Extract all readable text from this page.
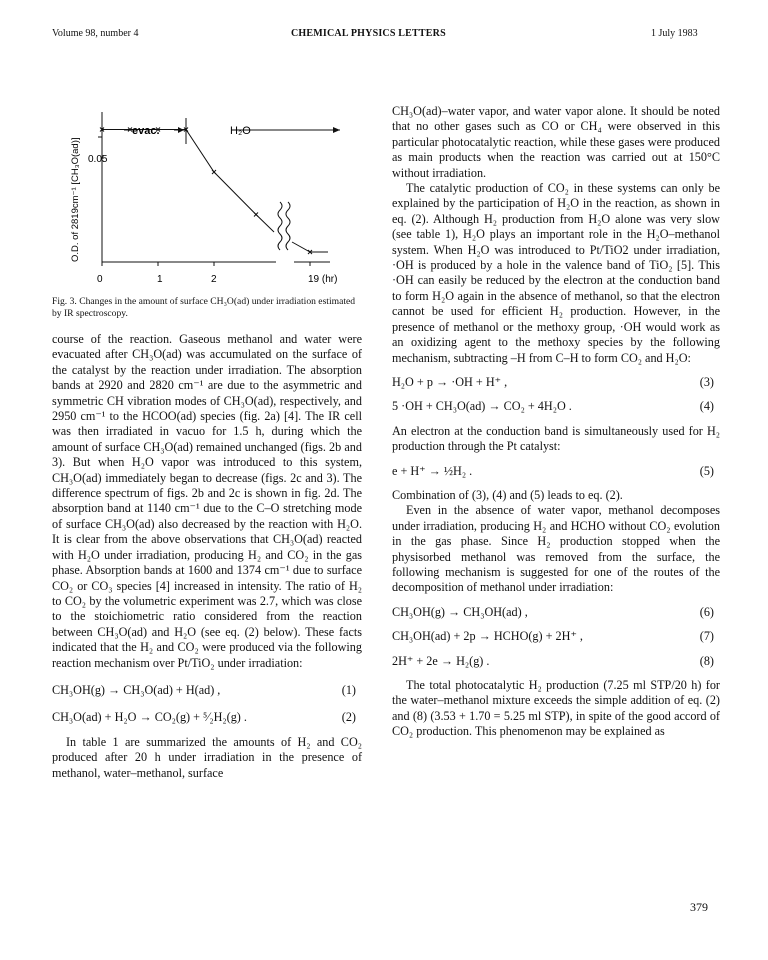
Volume 98, number 4	CHEMICAL PHYSICS LETTERS	1 July 1983
O.D. of 2819cm⁻¹ [CH₃O(ad)] 0.05
evac.	H₂O
0	1	2	19 (hr)
Fig. 3. Changes in the amount of surface CH₃O(ad) under irradiation estimated by IR spectroscopy.

course of the reaction. Gaseous methanol and water were evacuated after CH₃O(ad) was accumulated on the surface of the catalyst by the reaction under irradiation. The absorption bands at 2920 and 2820 cm⁻¹ are due to the asymmetric and symmetric CH vibration modes of CH₃O(ad), respectively, and 2950 cm⁻¹ to the HCOO(ad) species (fig. 2a) [4]. The IR cell was then irradiated in vacuo for 1.5 h, during which the amount of surface CH₃O(ad) remained unchanged (figs. 2b and 3). But when H₂O vapor was introduced to this system, CH₃O(ad) immediately began to decrease (figs. 2c and 3). The difference spectrum of figs. 2b and 2c is shown in fig. 2d. The absorption band at 1140 cm⁻¹ due to the C–O stretching mode of surface CH₃O(ad) also decreased by the reaction with H₂O. It is clear from the above observations that CH₃O(ad) reacted with H₂O under irradiation, producing H₂ and CO₂ in the gas phase. Absorption bands at 1600 and 1374 cm⁻¹ due to surface CO₂ or CO₃ species [4] increased in intensity. The ratio of H₂ to CO₂ by the volumetric experiment was 2.7, which was close to the stoichiometric ratio considered from the reaction between CH₃O(ad) and H₂O (see eq. (2) below). These facts indicated that the H₂ and CO₂ were produced via the following reaction mechanism over Pt/TiO₂ under irradiation:

CH₃OH(g) → CH₃O(ad) + H(ad) ,	(1)
CH₃O(ad) + H₂O → CO₂(g) + ⁵⁄₂H₂(g) .	(2)

In table 1 are summarized the amounts of H₂ and CO₂ produced after 20 h under irradiation in the presence of methanol, water–methanol, surface

CH₃O(ad)–water vapor, and water vapor alone. It should be noted that no other gases such as CO or CH₄ were observed in this particular photocatalytic reaction, while these gases were produced as main products when the reaction was carried out at 150°C without irradiation.

The catalytic production of CO₂ in these systems can only be explained by the participation of H₂O in the reaction, as shown in eq. (2). Although H₂ production from H₂O alone was very slow (see table 1), H₂O plays an important role in the H₂O–methanol system. When H₂O was introduced to Pt/TiO2 under irradiation, ·OH is produced by a hole in the valence band of TiO₂ [5]. This ·OH can easily be reduced by the electron at the conduction band to form H₂O again in the absence of methanol, so that the electron cannot be used for efficient H₂ production. However, in the presence of methanol or the methoxy group, ·OH would work as an oxidizing agent to the methoxy species by the following mechanism, subtracting –H from C–H to form CO₂ and H₂O:

H₂O + p → ·OH + H⁺ ,	(3)
5 ·OH + CH₃O(ad) → CO₂ + 4H₂O .	(4)

An electron at the conduction band is simultaneously used for H₂ production through the Pt catalyst:

e + H⁺ → ½H₂ .	(5)

Combination of (3), (4) and (5) leads to eq. (2).

Even in the absence of water vapor, methanol decomposes under irradiation, producing H₂ and HCHO without CO₂ evolution in the gas phase. Since H₂ production stopped when the physisorbed methanol was removed from the surface, the following mechanism is suggested for one of the routes of the decomposition of methanol under irradiation:

CH₃OH(g) → CH₃OH(ad) ,	(6)
CH₃OH(ad) + 2p → HCHO(g) + 2H⁺ ,	(7)
2H⁺ + 2e → H₂(g) .	(8)

The total photocatalytic H₂ production (7.25 ml STP/20 h) for the water–methanol mixture exceeds the simple addition of eq. (2) and (8) (3.53 + 1.70 = 5.25 ml STP), in spite of the good accord of CO₂ production. This phenomenon may be explained as

379
